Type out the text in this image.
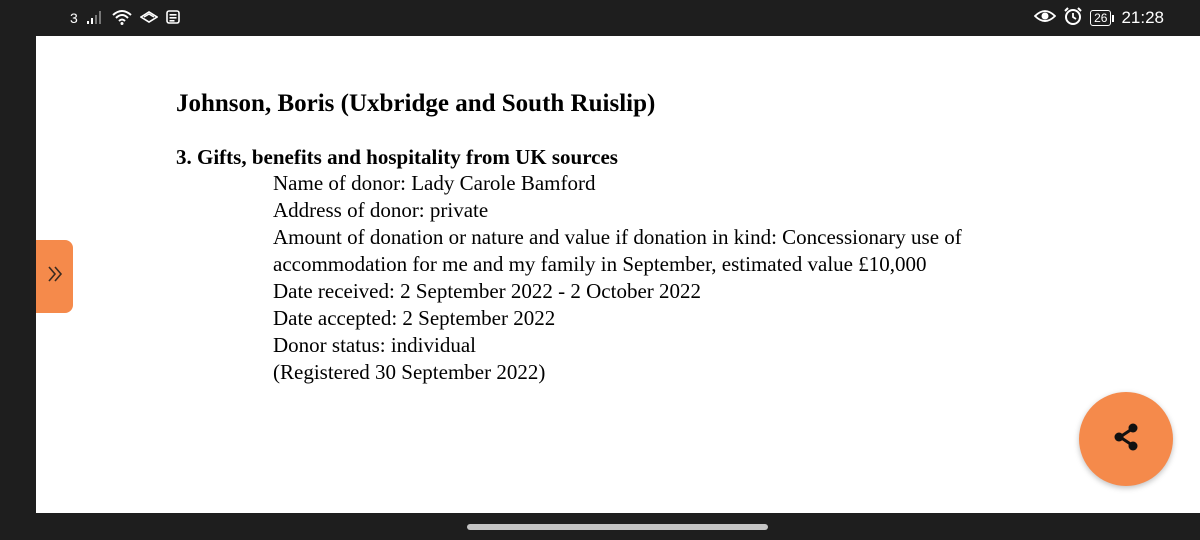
3	26 21:28
Johnson, Boris (Uxbridge and South Ruislip)
3. Gifts, benefits and hospitality from UK sources
Name of donor: Lady Carole Bamford
Address of donor: private
Amount of donation or nature and value if donation in kind: Concessionary use of
accommodation for me and my family in September, estimated value £10,000
Date received: 2 September 2022 - 2 October 2022
Date accepted: 2 September 2022
Donor status: individual
(Registered 30 September 2022)
